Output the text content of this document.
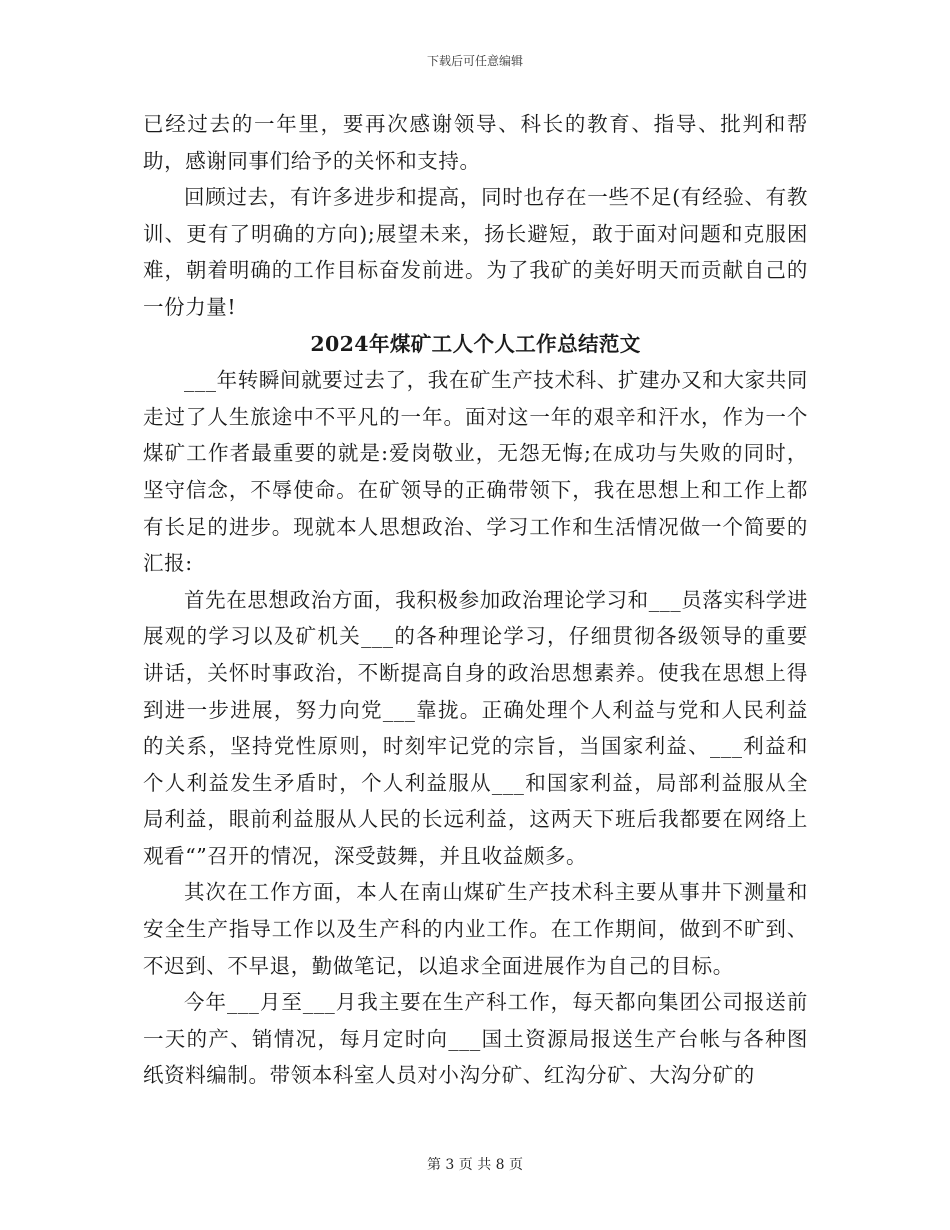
下载后可任意编辑

已经过去的一年里，要再次感谢领导、科长的教育、指导、批判和帮助，感谢同事们给予的关怀和支持。

回顾过去，有许多进步和提高，同时也存在一些不足(有经验、有教训、更有了明确的方向);展望未来，扬长避短，敢于面对问题和克服困难，朝着明确的工作目标奋发前进。为了我矿的美好明天而贡献自己的一份力量!

2024年煤矿工人个人工作总结范文

___年转瞬间就要过去了，我在矿生产技术科、扩建办又和大家共同走过了人生旅途中不平凡的一年。面对这一年的艰辛和汗水，作为一个煤矿工作者最重要的就是:爱岗敬业，无怨无悔;在成功与失败的同时，坚守信念，不辱使命。在矿领导的正确带领下，我在思想上和工作上都有长足的进步。现就本人思想政治、学习工作和生活情况做一个简要的汇报:

首先在思想政治方面，我积极参加政治理论学习和___员落实科学进展观的学习以及矿机关___的各种理论学习，仔细贯彻各级领导的重要讲话，关怀时事政治，不断提高自身的政治思想素养。使我在思想上得到进一步进展，努力向党___靠拢。正确处理个人利益与党和人民利益的关系，坚持党性原则，时刻牢记党的宗旨，当国家利益、___利益和个人利益发生矛盾时，个人利益服从___和国家利益，局部利益服从全局利益，眼前利益服从人民的长远利益，这两天下班后我都要在网络上观看“”召开的情况，深受鼓舞，并且收益颇多。

其次在工作方面，本人在南山煤矿生产技术科主要从事井下测量和安全生产指导工作以及生产科的内业工作。在工作期间，做到不旷到、不迟到、不早退，勤做笔记，以追求全面进展作为自己的目标。

今年___月至___月我主要在生产科工作，每天都向集团公司报送前一天的产、销情况，每月定时向___国土资源局报送生产台帐与各种图纸资料编制。带领本科室人员对小沟分矿、红沟分矿、大沟分矿的

第 3 页 共 8 页
